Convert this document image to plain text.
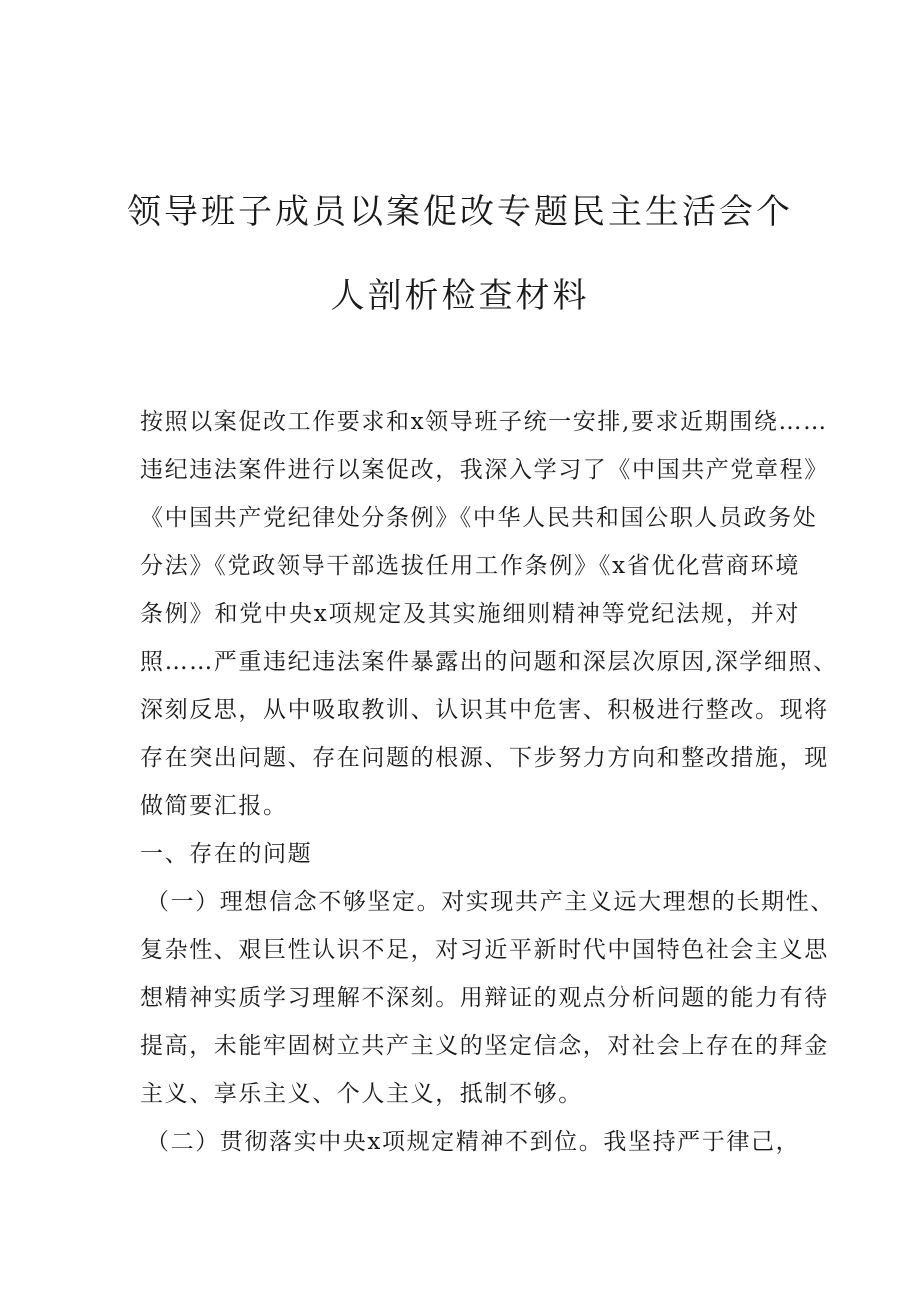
领导班子成员以案促改专题民主生活会个
人剖析检查材料
按照以案促改工作要求和x领导班子统一安排,要求近期围绕……
违纪违法案件进行以案促改，我深入学习了《中国共产党章程》
《中国共产党纪律处分条例》《中华人民共和国公职人员政务处
分法》《党政领导干部选拔任用工作条例》《x省优化营商环境
条例》和党中央x项规定及其实施细则精神等党纪法规，并对
照……严重违纪违法案件暴露出的问题和深层次原因,深学细照、
深刻反思，从中吸取教训、认识其中危害、积极进行整改。现将
存在突出问题、存在问题的根源、下步努力方向和整改措施，现
做简要汇报。
一、存在的问题
（一）理想信念不够坚定。对实现共产主义远大理想的长期性、
复杂性、艰巨性认识不足，对习近平新时代中国特色社会主义思
想精神实质学习理解不深刻。用辩证的观点分析问题的能力有待
提高，未能牢固树立共产主义的坚定信念，对社会上存在的拜金
主义、享乐主义、个人主义，抵制不够。
（二）贯彻落实中央x项规定精神不到位。我坚持严于律己，
